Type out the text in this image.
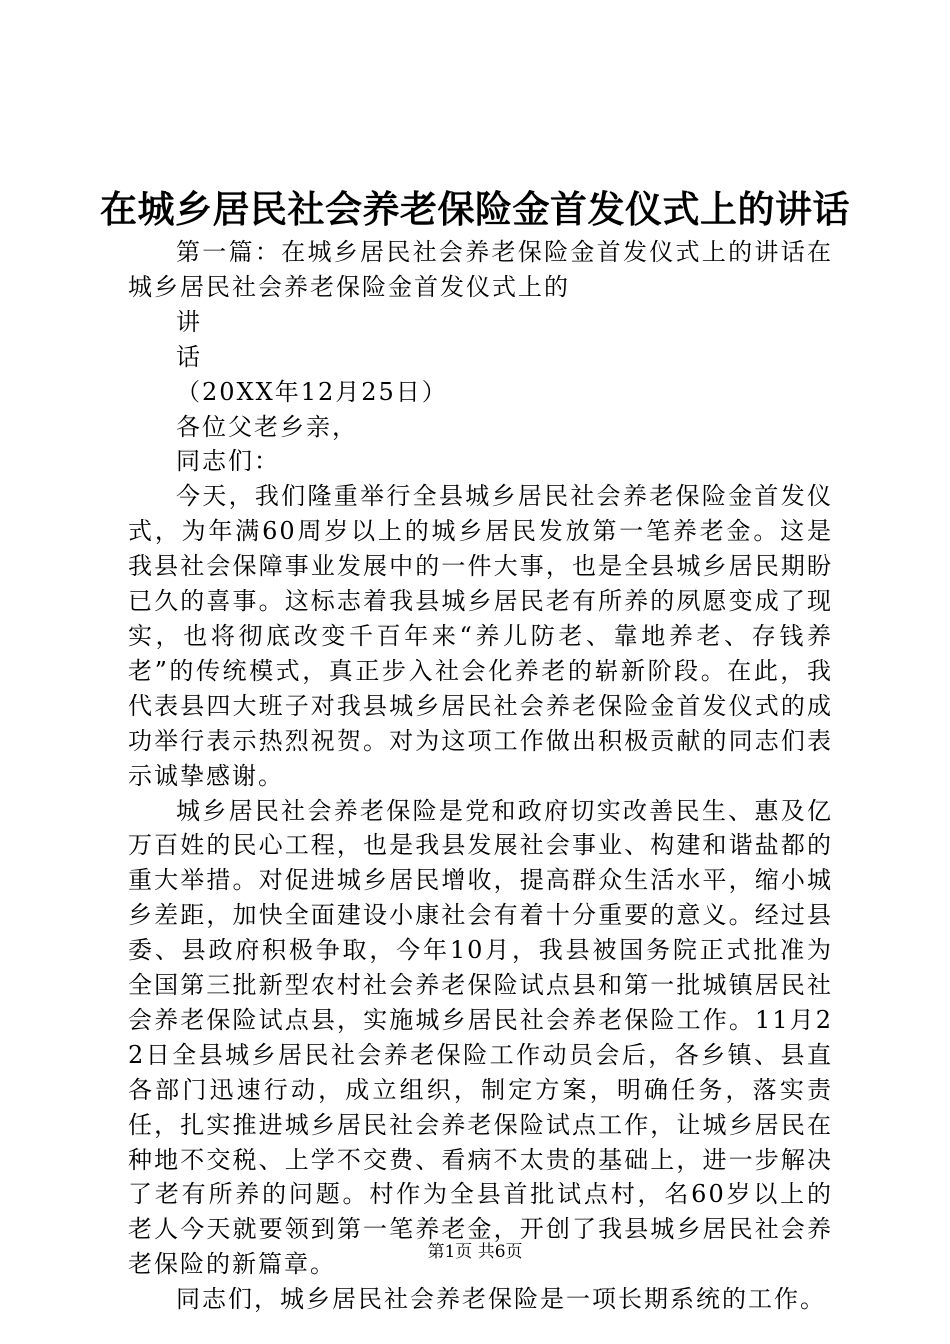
在城乡居民社会养老保险金首发仪式上的讲话

第一篇：在城乡居民社会养老保险金首发仪式上的讲话在城乡居民社会养老保险金首发仪式上的

讲

话

（20XX年12月25日）

各位父老乡亲，

同志们：

今天，我们隆重举行全县城乡居民社会养老保险金首发仪式，为年满60周岁以上的城乡居民发放第一笔养老金。这是我县社会保障事业发展中的一件大事，也是全县城乡居民期盼已久的喜事。这标志着我县城乡居民老有所养的夙愿变成了现实，也将彻底改变千百年来“养儿防老、靠地养老、存钱养老”的传统模式，真正步入社会化养老的崭新阶段。在此，我代表县四大班子对我县城乡居民社会养老保险金首发仪式的成功举行表示热烈祝贺。对为这项工作做出积极贡献的同志们表示诚挚感谢。

城乡居民社会养老保险是党和政府切实改善民生、惠及亿万百姓的民心工程，也是我县发展社会事业、构建和谐盐都的重大举措。对促进城乡居民增收，提高群众生活水平，缩小城乡差距，加快全面建设小康社会有着十分重要的意义。经过县委、县政府积极争取，今年10月，我县被国务院正式批准为全国第三批新型农村社会养老保险试点县和第一批城镇居民社会养老保险试点县，实施城乡居民社会养老保险工作。11月22日全县城乡居民社会养老保险工作动员会后，各乡镇、县直各部门迅速行动，成立组织，制定方案，明确任务，落实责任，扎实推进城乡居民社会养老保险试点工作，让城乡居民在种地不交税、上学不交费、看病不太贵的基础上，进一步解决了老有所养的问题。村作为全县首批试点村，名60岁以上的老人今天就要领到第一笔养老金，开创了我县城乡居民社会养老保险的新篇章。

同志们，城乡居民社会养老保险是一项长期系统的工作。

第1页 共6页
